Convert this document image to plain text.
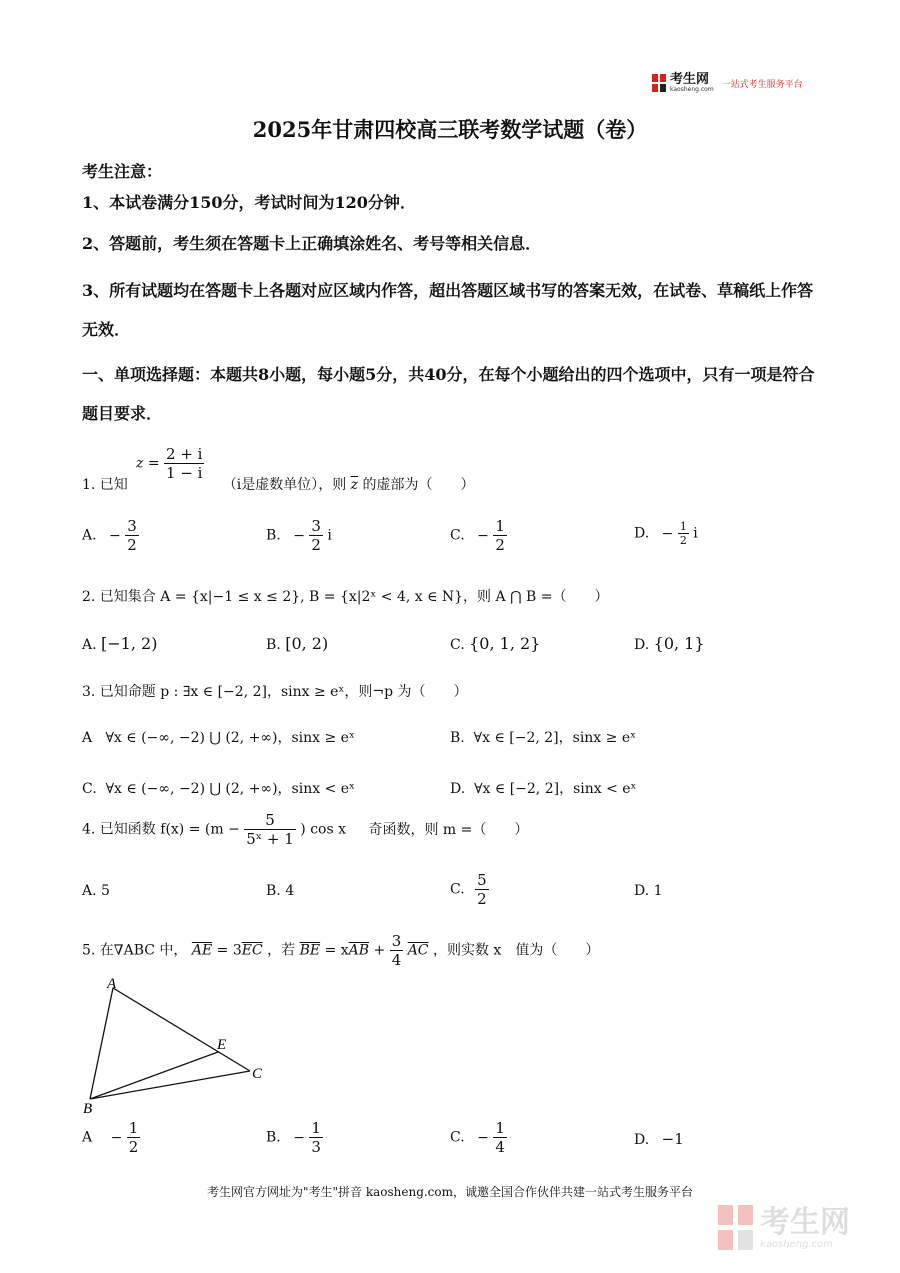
考生网
kaosheng.com 一站式考生服务平台
2025年甘肃四校高三联考数学试题（卷）
考生注意：
1、本试卷满分150分，考试时间为120分钟．
2、答题前，考生须在答题卡上正确填涂姓名、考号等相关信息．
3、所有试题均在答题卡上各题对应区域内作答，超出答题区域书写的答案无效，在试卷、草稿纸上作答无效．
一、单项选择题：本题共8小题，每小题5分，共40分，在每个小题给出的四个选项中，只有一项是符合题目要求．
$z = \frac{2 + i}{1 - i}$
1. 已知	（i是虚数单位），则 $\overline{z}$ 的虚部为（　　）
A. − $\frac{3}{2}$	B. − $\frac{3}{2}$ i	C. − $\frac{1}{2}$	D. − $\frac{1}{2}$ i
2. 已知集合 A = {x|−1 ≤ x ≤ 2}, B = {x|2ˣ < 4, x ∈ N}，则 A ⋂ B =（　　）
A. [−1, 2)	B. [0, 2)	C. {0, 1, 2}	D. {0, 1}
3. 已知命题 p : ∃x ∈ [−2, 2]，sinx ≥ eˣ，则¬p 为（　　）
A ∀x ∈ (−∞, −2) ⋃ (2, +∞)，sinx ≥ eˣ	B. ∀x ∈ [−2, 2]，sinx ≥ eˣ
C. ∀x ∈ (−∞, −2) ⋃ (2, +∞)，sinx < eˣ	D. ∀x ∈ [−2, 2]，sinx < eˣ
4. 已知函数 $f(x) = (m - \frac{5}{\text{5ˣ + 1}}$ ) cos x 奇函数，则 m =（　　）
A. 5	B. 4	C. $\frac{5}{2}$	D. 1
5. 在∇ABC 中， $\overline{AE} = 3\overline{EC}$ ，若 $\overline{BE} = x\overline{AB} + \frac{3}{4} \overline{AC}$ ，则实数 x　值为（　　）
A
B
C
E
$A - \frac{1}{2}$	B. − $\frac{1}{3}$	C. − $\frac{1}{4}$	D. −1
考生网官方网址为"考生"拼音 kaosheng.com，诚邀全国合作伙伴共建一站式考生服务平台
考生网
kaosheng.com
